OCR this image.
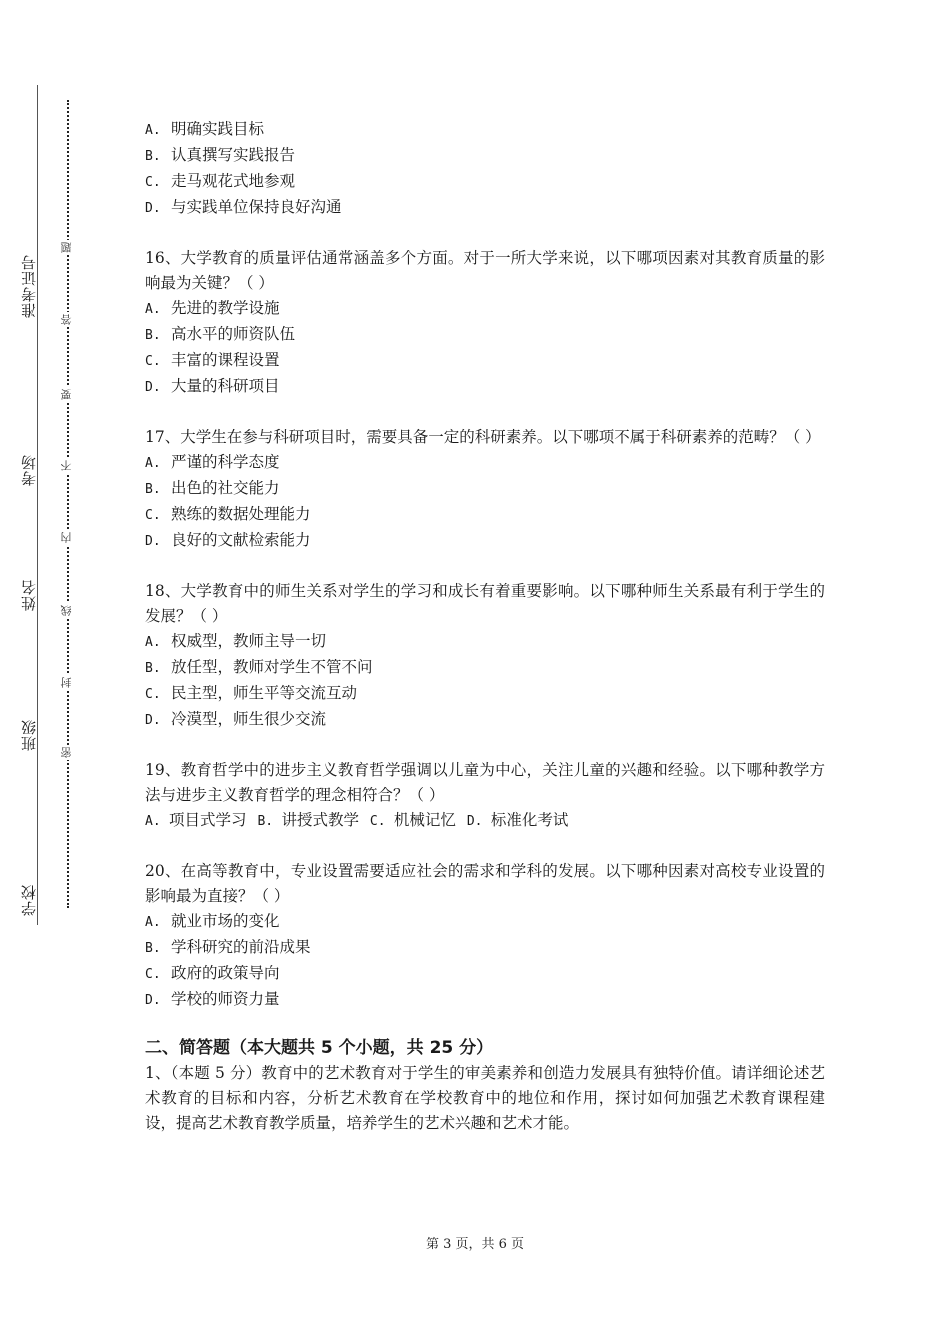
准考证号
考场
姓名
班级
学校
题
答
要
不
内
线
封
密
A. 明确实践目标
B. 认真撰写实践报告
C. 走马观花式地参观
D. 与实践单位保持良好沟通
16、大学教育的质量评估通常涵盖多个方面。对于一所大学来说，以下哪项因素对其教育质量的影响最为关键？（ ）
A. 先进的教学设施
B. 高水平的师资队伍
C. 丰富的课程设置
D. 大量的科研项目
17、大学生在参与科研项目时，需要具备一定的科研素养。以下哪项不属于科研素养的范畴？（ ）
A. 严谨的科学态度
B. 出色的社交能力
C. 熟练的数据处理能力
D. 良好的文献检索能力
18、大学教育中的师生关系对学生的学习和成长有着重要影响。以下哪种师生关系最有利于学生的发展？（ ）
A. 权威型，教师主导一切
B. 放任型，教师对学生不管不问
C. 民主型，师生平等交流互动
D. 冷漠型，师生很少交流
19、教育哲学中的进步主义教育哲学强调以儿童为中心，关注儿童的兴趣和经验。以下哪种教学方法与进步主义教育哲学的理念相符合？（ ）
A. 项目式学习 B. 讲授式教学 C. 机械记忆 D. 标准化考试
20、在高等教育中，专业设置需要适应社会的需求和学科的发展。以下哪种因素对高校专业设置的影响最为直接？（ ）
A. 就业市场的变化
B. 学科研究的前沿成果
C. 政府的政策导向
D. 学校的师资力量
二、简答题（本大题共 5 个小题，共 25 分）
1、（本题 5 分）教育中的艺术教育对于学生的审美素养和创造力发展具有独特价值。请详细论述艺术教育的目标和内容，分析艺术教育在学校教育中的地位和作用，探讨如何加强艺术教育课程建设，提高艺术教育教学质量，培养学生的艺术兴趣和艺术才能。
第 3 页，共 6 页
